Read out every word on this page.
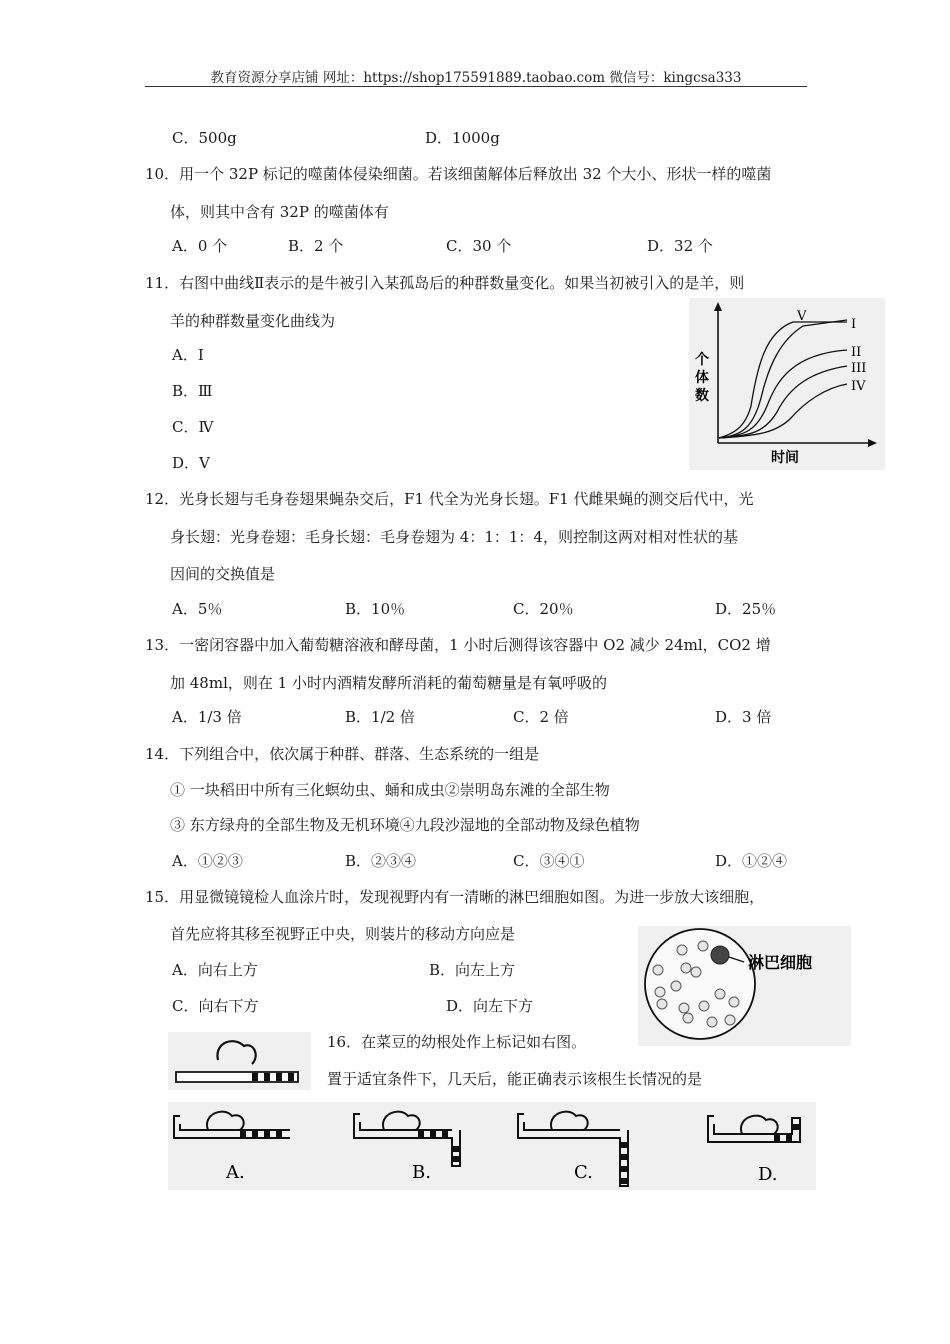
教育资源分享店铺 网址：https://shop175591889.taobao.com 微信号：kingcsa333
C．500g	D．1000g
10．用一个 32P 标记的噬菌体侵染细菌。若该细菌解体后释放出 32 个大小、形状一样的噬菌
体，则其中含有 32P 的噬菌体有
A．0 个	B．2 个	C．30 个	D．32 个
11．右图中曲线Ⅱ表示的是牛被引入某孤岛后的种群数量变化。如果当初被引入的是羊，则
羊的种群数量变化曲线为
A．Ⅰ
B．Ⅲ
C．Ⅳ
D．Ⅴ
V
I
II
III
IV
个
体
数
时间
12．光身长翅与毛身卷翅果蝇杂交后，F1 代全为光身长翅。F1 代雌果蝇的测交后代中，光
身长翅：光身卷翅：毛身长翅：毛身卷翅为 4：1：1：4，则控制这两对相对性状的基
因间的交换值是
A．5％	B．10％	C．20％	D．25％
13．一密闭容器中加入葡萄糖溶液和酵母菌，1 小时后测得该容器中 O2 减少 24ml，CO2 增
加 48ml，则在 1 小时内酒精发酵所消耗的葡萄糖量是有氧呼吸的
A．1/3 倍	B．1/2 倍	C．2 倍	D．3 倍
14．下列组合中，依次属于种群、群落、生态系统的一组是
① 一块稻田中所有三化螟幼虫、蛹和成虫②崇明岛东滩的全部生物
③ 东方绿舟的全部生物及无机环境④九段沙湿地的全部动物及绿色植物
A．①②③	B．②③④	C．③④①	D．①②④
15．用显微镜镜检人血涂片时，发现视野内有一清晰的淋巴细胞如图。为进一步放大该细胞，
首先应将其移至视野正中央，则装片的移动方向应是
A．向右上方	B．向左上方
C．向右下方	D．向左下方
淋巴细胞
16．在菜豆的幼根处作上标记如右图。
置于适宜条件下，几天后，能正确表示该根生长情况的是
A.	B.	C.	D.
